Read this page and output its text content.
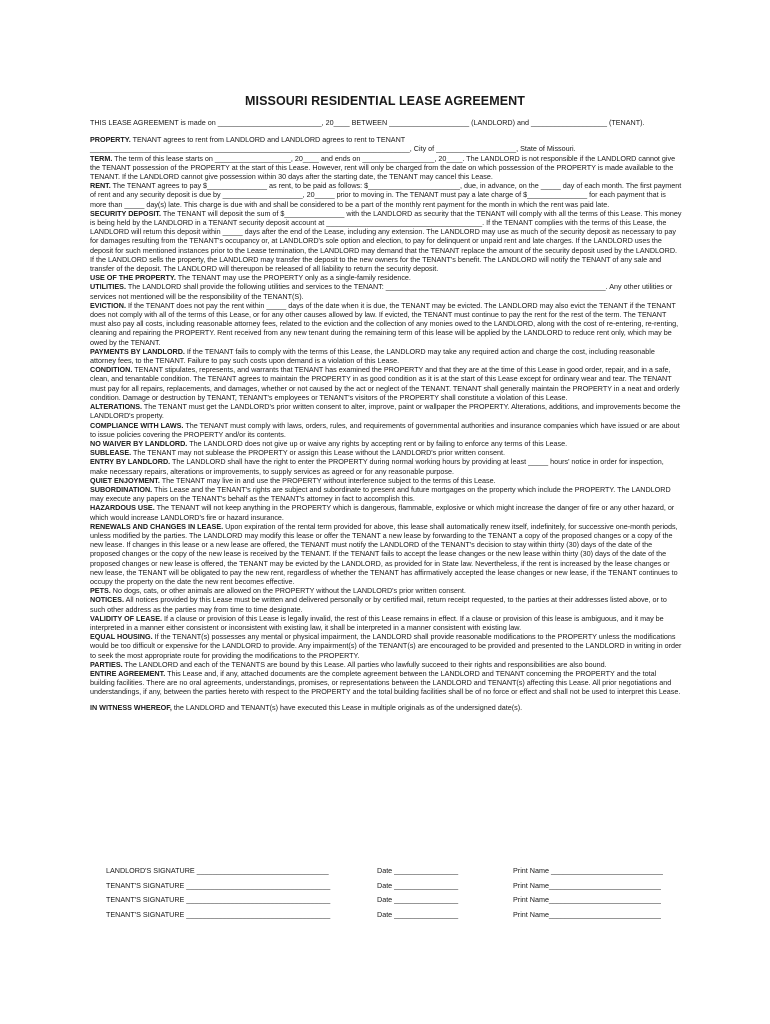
MISSOURI RESIDENTIAL LEASE AGREEMENT

THIS LEASE AGREEMENT is made on __________________________, 20____ BETWEEN ____________________ (LANDLORD) and ___________________ (TENANT).

PROPERTY. TENANT agrees to rent from LANDLORD and LANDLORD agrees to rent to TENANT ________________________________________________________________________________, City of ____________________, State of Missouri.

TERM. The term of this lease starts on ___________________, 20____ and ends on __________________, 20____. The LANDLORD is not responsible if the LANDLORD cannot give the TENANT possession of the PROPERTY at the start of this Lease. However, rent will only be charged from the date on which possession of the PROPERTY is made available to the TENANT. If the LANDLORD cannot give possession within 30 days after the starting date, the TENANT may cancel this Lease.

RENT. The TENANT agrees to pay $_______________ as rent, to be paid as follows: $_______________________, due, in advance, on the _____ day of each month. The first payment of rent and any security deposit is due by ____________________, 20_____ prior to moving in. The TENANT must pay a late charge of $_______________ for each payment that is more than _____ day(s) late. This charge is due with and shall be considered to be a part of the monthly rent payment for the month in which the rent was paid late.

SECURITY DEPOSIT. The TENANT will deposit the sum of $_______________ with the LANDLORD as security that the TENANT will comply with all the terms of this Lease. This money is being held by the LANDLORD in a TENANT security deposit account at _______________________________________. If the TENANT complies with the terms of this Lease, the LANDLORD will return this deposit within _____ days after the end of the Lease, including any extension. The LANDLORD may use as much of the security deposit as necessary to pay for damages resulting from the TENANT's occupancy or, at LANDLORD's sole option and election, to pay for delinquent or unpaid rent and late charges. If the LANDLORD uses the deposit for such mentioned instances prior to the Lease termination, the LANDLORD may demand that the TENANT replace the amount of the security deposit used by the LANDLORD. If the LANDLORD sells the property, the LANDLORD may transfer the deposit to the new owners for the TENANT's benefit. The LANDLORD will notify the TENANT of any sale and transfer of the deposit. The LANDLORD will thereupon be released of all liability to return the security deposit.

USE OF THE PROPERTY. The TENANT may use the PROPERTY only as a single-family residence.

UTILITIES. The LANDLORD shall provide the following utilities and services to the TENANT: _______________________________________________________. Any other utilities or services not mentioned will be the responsibility of the TENANT(S).

EVICTION. If the TENANT does not pay the rent within _____ days of the date when it is due, the TENANT may be evicted. The LANDLORD may also evict the TENANT if the TENANT does not comply with all of the terms of this Lease, or for any other causes allowed by law. If evicted, the TENANT must continue to pay the rent for the rest of the term. The TENANT must also pay all costs, including reasonable attorney fees, related to the eviction and the collection of any monies owed to the LANDLORD, along with the cost of re-entering, re-renting, cleaning and repairing the PROPERTY. Rent received from any new tenant during the remaining term of this lease will be applied by the LANDLORD to reduce rent only, which may be owed by the TENANT.

PAYMENTS BY LANDLORD. If the TENANT fails to comply with the terms of this Lease, the LANDLORD may take any required action and charge the cost, including reasonable attorney fees, to the TENANT. Failure to pay such costs upon demand is a violation of this Lease.

CONDITION. TENANT stipulates, represents, and warrants that TENANT has examined the PROPERTY and that they are at the time of this Lease in good order, repair, and in a safe, clean, and tenantable condition. The TENANT agrees to maintain the PROPERTY in as good condition as it is at the start of this Lease except for ordinary wear and tear. The TENANT must pay for all repairs, replacements, and damages, whether or not caused by the act or neglect of the TENANT. TENANT shall generally maintain the PROPERTY in a neat and orderly condition. Damage or destruction by TENANT, TENANT's employees or TENANT's visitors of the PROPERTY shall constitute a violation of this Lease.

ALTERATIONS. The TENANT must get the LANDLORD's prior written consent to alter, improve, paint or wallpaper the PROPERTY. Alterations, additions, and improvements become the LANDLORD's property.

COMPLIANCE WITH LAWS. The TENANT must comply with laws, orders, rules, and requirements of governmental authorities and insurance companies which have issued or are about to issue policies covering the PROPERTY and/or its contents.

NO WAIVER BY LANDLORD. The LANDLORD does not give up or waive any rights by accepting rent or by failing to enforce any terms of this Lease.

SUBLEASE. The TENANT may not sublease the PROPERTY or assign this Lease without the LANDLORD's prior written consent.

ENTRY BY LANDLORD. The LANDLORD shall have the right to enter the PROPERTY during normal working hours by providing at least _____ hours' notice in order for inspection, make necessary repairs, alterations or improvements, to supply services as agreed or for any reasonable purpose.

QUIET ENJOYMENT. The TENANT may live in and use the PROPERTY without interference subject to the terms of this Lease.

SUBORDINATION. This Lease and the TENANT's rights are subject and subordinate to present and future mortgages on the property which include the PROPERTY. The LANDLORD may execute any papers on the TENANT's behalf as the TENANT's attorney in fact to accomplish this.

HAZARDOUS USE. The TENANT will not keep anything in the PROPERTY which is dangerous, flammable, explosive or which might increase the danger of fire or any other hazard, or which would increase LANDLORD's fire or hazard insurance.

RENEWALS AND CHANGES IN LEASE. Upon expiration of the rental term provided for above, this lease shall automatically renew itself, indefinitely, for successive one-month periods, unless modified by the parties. The LANDLORD may modify this lease or offer the TENANT a new lease by forwarding to the TENANT a copy of the proposed changes or a copy of the new lease. If changes in this lease or a new lease are offered, the TENANT must notify the LANDLORD of the TENANT's decision to stay within thirty (30) days of the date of the proposed changes or the copy of the new lease is received by the TENANT. If the TENANT fails to accept the lease changes or the new lease within thirty (30) days of the date of the proposed changes or new lease is offered, the TENANT may be evicted by the LANDLORD, as provided for in State law. Nevertheless, if the rent is increased by the lease changes or new lease, the TENANT will be obligated to pay the new rent, regardless of whether the TENANT has affirmatively accepted the lease changes or new lease, if the TENANT continues to occupy the property on the date the new rent becomes effective.

PETS. No dogs, cats, or other animals are allowed on the PROPERTY without the LANDLORD's prior written consent.

NOTICES. All notices provided by this Lease must be written and delivered personally or by certified mail, return receipt requested, to the parties at their addresses listed above, or to such other address as the parties may from time to time designate.

VALIDITY OF LEASE. If a clause or provision of this Lease is legally invalid, the rest of this Lease remains in effect. If a clause or provision of this lease is ambiguous, and it may be interpreted in a manner either consistent or inconsistent with existing law, it shall be interpreted in a manner consistent with existing law.

EQUAL HOUSING. If the TENANT(s) possesses any mental or physical impairment, the LANDLORD shall provide reasonable modifications to the PROPERTY unless the modifications would be too difficult or expensive for the LANDLORD to provide. Any impairment(s) of the TENANT(s) are encouraged to be provided and presented to the LANDLORD in writing in order to seek the most appropriate route for providing the modifications to the PROPERTY.

PARTIES. The LANDLORD and each of the TENANTS are bound by this Lease. All parties who lawfully succeed to their rights and responsibilities are also bound.

ENTIRE AGREEMENT. This Lease and, if any, attached documents are the complete agreement between the LANDLORD and TENANT concerning the PROPERTY and the total building facilities. There are no oral agreements, understandings, promises, or representations between the LANDLORD and TENANT(s) affecting this Lease. All prior negotiations and understandings, if any, between the parties hereto with respect to the PROPERTY and the total building facilities shall be of no force or effect and shall not be used to interpret this Lease.

IN WITNESS WHEREOF, the LANDLORD and TENANT(s) have executed this Lease in multiple originals as of the undersigned date(s).

LANDLORD'S SIGNATURE _________________________________	Date ________________	Print Name ____________________________
TENANT'S SIGNATURE ____________________________________	Date ________________	Print Name____________________________
TENANT'S SIGNATURE ____________________________________	Date ________________	Print Name____________________________
TENANT'S SIGNATURE ____________________________________	Date ________________	Print Name____________________________
